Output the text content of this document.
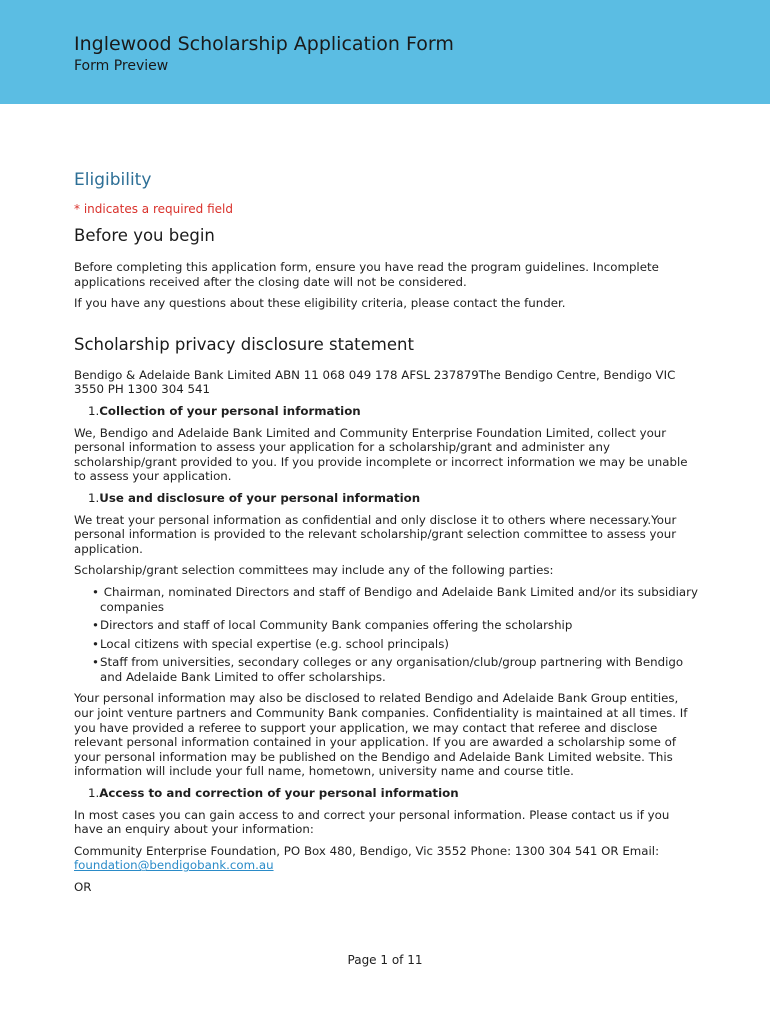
Inglewood Scholarship Application Form
Form Preview
Eligibility
* indicates a required field
Before you begin

Before completing this application form, ensure you have read the program guidelines. Incomplete applications received after the closing date will not be considered.

If you have any questions about these eligibility criteria, please contact the funder.

Scholarship privacy disclosure statement

Bendigo & Adelaide Bank Limited ABN 11 068 049 178 AFSL 237879The Bendigo Centre, Bendigo VIC 3550 PH 1300 304 541

1.Collection of your personal information

We, Bendigo and Adelaide Bank Limited and Community Enterprise Foundation Limited, collect your personal information to assess your application for a scholarship/grant and administer any scholarship/grant provided to you. If you provide incomplete or incorrect information we may be unable to assess your application.

1.Use and disclosure of your personal information

We treat your personal information as confidential and only disclose it to others where necessary.Your personal information is provided to the relevant scholarship/grant selection committee to assess your application.

Scholarship/grant selection committees may include any of the following parties:

• Chairman, nominated Directors and staff of Bendigo and Adelaide Bank Limited and/or its subsidiary companies
•Directors and staff of local Community Bank companies offering the scholarship
•Local citizens with special expertise (e.g. school principals)
•Staff from universities, secondary colleges or any organisation/club/group partnering with Bendigo and Adelaide Bank Limited to offer scholarships.

Your personal information may also be disclosed to related Bendigo and Adelaide Bank Group entities, our joint venture partners and Community Bank companies. Confidentiality is maintained at all times. If you have provided a referee to support your application, we may contact that referee and disclose relevant personal information contained in your application. If you are awarded a scholarship some of your personal information may be published on the Bendigo and Adelaide Bank Limited website. This information will include your full name, hometown, university name and course title.

1.Access to and correction of your personal information

In most cases you can gain access to and correct your personal information. Please contact us if you have an enquiry about your information:

Community Enterprise Foundation, PO Box 480, Bendigo, Vic 3552 Phone: 1300 304 541 OR Email: foundation@bendigobank.com.au

OR

Page 1 of 11
